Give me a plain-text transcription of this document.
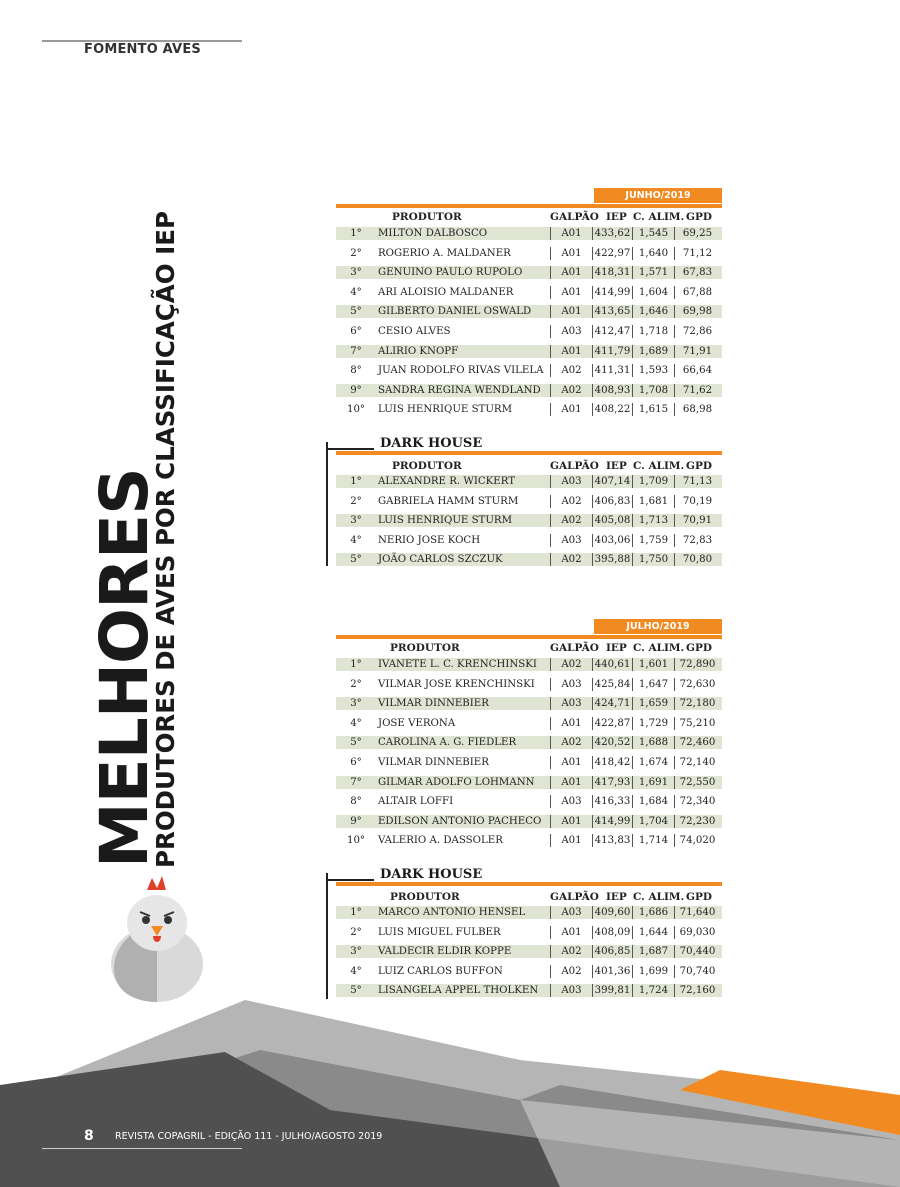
FOMENTO AVES
MELHORES
PRODUTORES DE AVES POR CLASSIFICAÇÃO IEP
JUNHO/2019
PRODUTOR	GALPÃO IEP C. ALIM. GPD
1°	MILTON DALBOSCO	A01	433,62 1,545	69,25
2°	ROGERIO A. MALDANER	A01	422,97 1,640	71,12
3°	GENUINO PAULO RUPOLO	A01	418,31 1,571	67,83
4°	ARI ALOISIO MALDANER	A01	414,99 1,604	67,88
5°	GILBERTO DANIEL OSWALD	A01	413,65 1,646	69,98
6°	CESIO ALVES	A03	412,47 1,718	72,86
7°	ALIRIO KNOPF	A01	411,79 1,689	71,91
8°	JUAN RODOLFO RIVAS VILELA	A02	411,31 1,593	66,64
9°	SANDRA REGINA WENDLAND	A02	408,93 1,708	71,62
10° LUIS HENRIQUE STURM	A01	408,22 1,615	68,98
DARK HOUSE
PRODUTOR	GALPÃO IEP C. ALIM. GPD
1°	ALEXANDRE R. WICKERT	A03	407,14 1,709	71,13
2°	GABRIELA HAMM STURM	A02	406,83 1,681	70,19
3°	LUIS HENRIQUE STURM	A02	405,08 1,713	70,91
4°	NERIO JOSE KOCH	A03	403,06 1,759	72,83
5°	JOÃO CARLOS SZCZUK	A02	395,88 1,750	70,80
JULHO/2019
PRODUTOR	GALPÃO IEP C. ALIM. GPD
1°	IVANETE L. C. KRENCHINSKI	A02	440,61 1,601	72,890
2°	VILMAR JOSE KRENCHINSKI	A03	425,84 1,647	72,630
3°	VILMAR DINNEBIER	A03	424,71 1,659	72,180
4°	JOSE VERONA	A01	422,87 1,729	75,210
5°	CAROLINA A. G. FIEDLER	A02	420,52 1,688	72,460
6°	VILMAR DINNEBIER	A01	418,42 1,674	72,140
7°	GILMAR ADOLFO LOHMANN	A01	417,93 1,691	72,550
8°	ALTAIR LOFFI	A03	416,33 1,684	72,340
9°	EDILSON ANTONIO PACHECO	A01	414,99 1,704	72,230
10° VALERIO A. DASSOLER	A01	413,83 1,714	74,020
DARK HOUSE
PRODUTOR	GALPÃO IEP C. ALIM. GPD
1°	MARCO ANTONIO HENSEL	A03	409,60 1,686	71,640
2°	LUIS MIGUEL FULBER	A01	408,09 1,644	69,030
3°	VALDECIR ELDIR KOPPE	A02	406,85 1,687	70,440
4°	LUIZ CARLOS BUFFON	A02	401,36 1,699	70,740
5°	LISANGELA APPEL THOLKEN	A03	399,81 1,724	72,160
8 REVISTA COPAGRIL - EDIÇÃO 111 - JULHO/AGOSTO 2019
